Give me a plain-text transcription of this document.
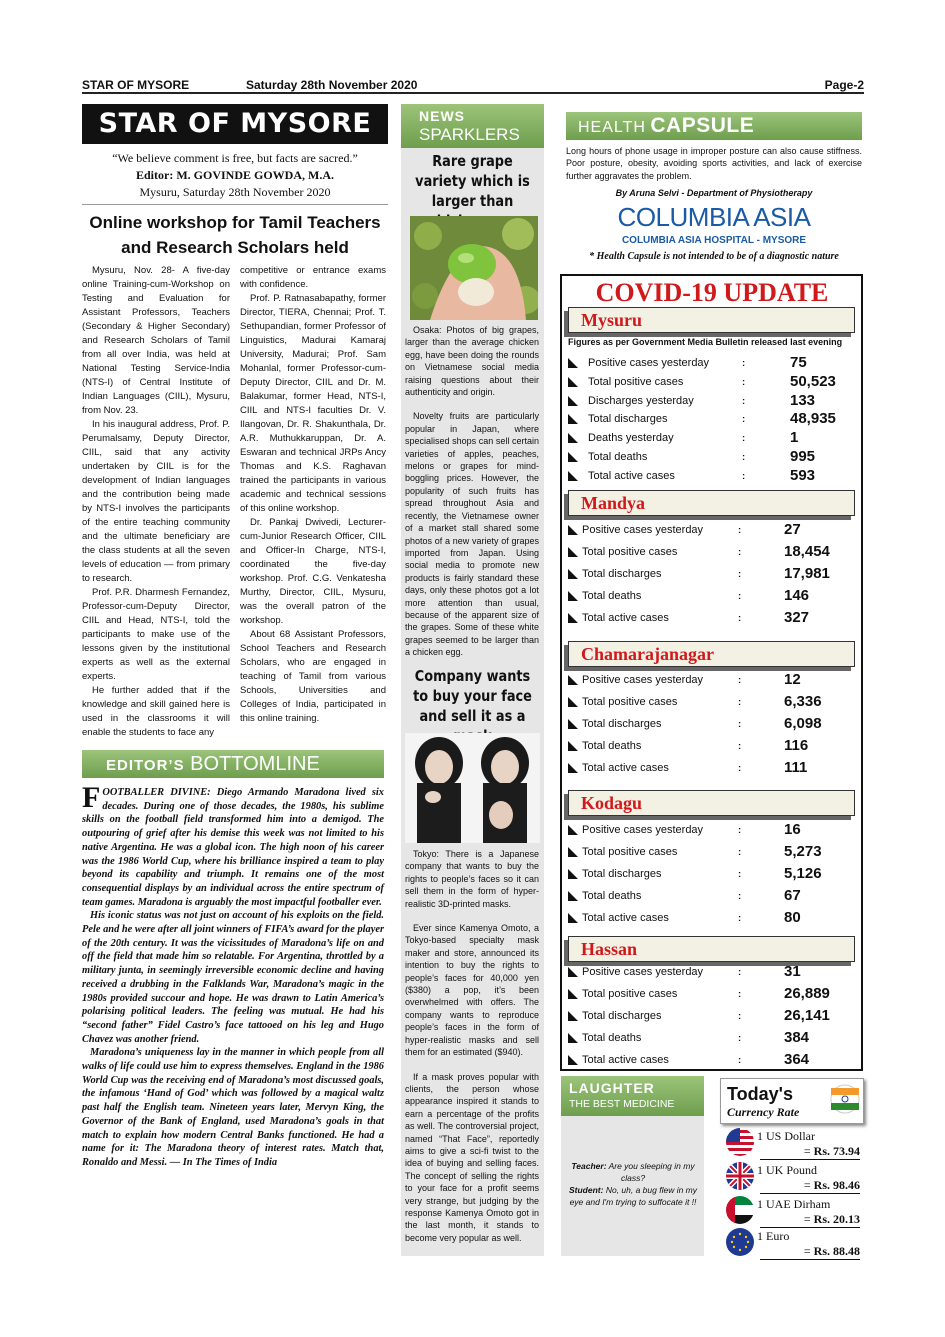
STAR OF MYSORE	Saturday 28th November 2020	Page-2
STAR OF MYSORE
“We believe comment is free, but facts are sacred.”
Editor: M. GOVINDE GOWDA, M.A.
Mysuru, Saturday 28th November 2020
Online workshop for Tamil Teachers and Research Scholars held

Mysuru, Nov. 28- A five-day online Training-cum-Workshop on Testing and Evaluation for Assistant Professors, Teachers (Secondary & Higher Secondary) and Research Scholars of Tamil from all over India, was held at National Testing Service-India (NTS-I) of Central Institute of Indian Languages (CIIL), Mysuru, from Nov. 23.

In his inaugural address, Prof. P. Perumalsamy, Deputy Director, CIIL, said that any activity undertaken by CIIL is for the development of Indian languages and the contribution being made by NTS-I involves the participants of the entire teaching community and the ultimate beneficiary are the class students at all the seven levels of education — from primary to research.

Prof. P.R. Dharmesh Fernandez, Professor-cum-Deputy Director, CIIL and Head, NTS-I, told the participants to make use of the lessons given by the institutional experts as well as the external experts.

He further added that if the knowledge and skill gained here is used in the classrooms it will enable the students to face any

competitive or entrance exams with confidence.

Prof. P. Ratnasabapathy, former Director, TIERA, Chennai; Prof. T. Sethupandian, former Professor of Linguistics, Madurai Kamaraj University, Madurai; Prof. Sam Mohanlal, former Professor-cum- Deputy Director, CIIL and Dr. M. Balakumar, former Head, NTS-I, CIIL and NTS-I faculties Dr. V. Ilangovan, Dr. R. Shakunthala, Dr. A.R. Muthukkaruppan, Dr. A. Eswaran and technical JRPs Ancy Thomas and K.S. Raghavan trained the participants in various academic and technical sessions of this online workshop.

Dr. Pankaj Dwivedi, Lecturer-cum-Junior Research Officer, CIIL and Officer-In Charge, NTS-I, coordinated the five-day workshop. Prof. C.G. Venkatesha Murthy, Director, CIIL, Mysuru, was the overall patron of the workshop.

About 68 Assistant Professors, School Teachers and Research Scholars, who are engaged in teaching of Tamil from various Schools, Universities and Colleges of India, participated in this online training.

EDITOR’S BOTTOMLINE

FOOTBALLER DIVINE: Diego Armando Maradona lived six decades. During one of those decades, the 1980s, his sublime skills on the football field transformed him into a demigod. The outpouring of grief after his demise this week was not limited to his native Argentina. He was a global icon. The high noon of his career was the 1986 World Cup, where his brilliance inspired a team to play beyond its capability and triumph. It remains one of the most consequential displays by an individual across the entire spectrum of team games. Maradona is arguably the most impactful footballer ever.

His iconic status was not just on account of his exploits on the field. Pele and he were after all joint winners of FIFA’s award for the player of the 20th century. It was the vicissitudes of Maradona’s life on and off the field that made him so relatable. For Argentina, throttled by a military junta, in seemingly irreversible economic decline and having received a drubbing in the Falklands War, Maradona’s magic in the 1980s provided succour and hope. He was drawn to Latin America’s polarising political leaders. The feeling was mutual. He had his “second father” Fidel Castro’s face tattooed on his leg and Hugo Chavez was another friend.

Maradona’s uniqueness lay in the manner in which people from all walks of life could use him to express themselves. England in the 1986 World Cup was the receiving end of Maradona’s most discussed goals, the infamous ‘Hand of God’ which was followed by a magical waltz past half the English team. Nineteen years later, Mervyn King, the Governor of the Bank of England, used Maradona’s goals in that match to explain how modern Central Banks functioned. He had a name for it: The Maradona theory of interest rates. Match that, Ronaldo and Messi. — In The Times of India

NEWS
SPARKLERS
Rare grape variety which is larger than

Osaka: Photos of big grapes, larger than the average chicken egg, have been doing the rounds on Vietnamese social media raising questions about their authenticity and origin.

Novelty fruits are particularly popular in Japan, where specialised shops can sell certain varieties of apples, peaches, melons or grapes for mind-boggling prices. However, the popularity of such fruits has spread throughout Asia and recently, the Vietnamese owner of a market stall shared some photos of a new variety of grapes imported from Japan. Using social media to promote new products is fairly standard these days, only these photos got a lot more attention than usual, because of the apparent size of the grapes. Some of these white grapes seemed to be larger than a chicken egg.

Company wants to buy your face and sell it as a

Tokyo: There is a Japanese company that wants to buy the rights to people’s faces so it can sell them in the form of hyper-realistic 3D-printed masks.

Ever since Kamenya Omoto, a Tokyo-based specialty mask maker and store, announced its intention to buy the rights to people’s faces for 40,000 yen ($380) a pop, it’s been overwhelmed with offers. The company wants to reproduce people’s faces in the form of hyper-realistic masks and sell them for an estimated ($940).

If a mask proves popular with clients, the person whose appearance inspired it stands to earn a percentage of the profits as well. The controversial project, named “That Face”, reportedly aims to give a sci-fi twist to the idea of buying and selling faces. The concept of selling the rights to your face for a profit seems very strange, but judging by the response Kamenya Omoto got in the last month, it stands to become very popular as well.

HEALTH CAPSULE
Long hours of phone usage in improper posture can also cause stiffness. Poor posture, obesity, avoiding sports activities, and lack of exercise further aggravates the problem.
By Aruna Selvi - Department of Physiotherapy
COLUMBIA ASIA
COLUMBIA ASIA HOSPITAL - MYSORE
* Health Capsule is not intended to be of a diagnostic nature
COVID-19 UPDATE
Mysuru
Figures as per Government Media Bulletin released last evening
Positive cases yesterday	:	75
Total positive cases	:	50,523
Discharges yesterday	:	133
Total discharges	:	48,935
Deaths yesterday	:	1
Total deaths	:	995
Total active cases	:	593
Mandya
Positive cases yesterday	:	27
Total positive cases	:	18,454
Total discharges	:	17,981
Total deaths	:	146
Total active cases	:	327
Chamarajanagar
Positive cases yesterday	:	12
Total positive cases	:	6,336
Total discharges	:	6,098
Total deaths	:	116
Total active cases	:	111
Kodagu
Positive cases yesterday	:	16
Total positive cases	:	5,273
Total discharges	:	5,126
Total deaths	:	67
Total active cases	:	80
Hassan
Positive cases yesterday	:	31
Total positive cases	:	26,889
Total discharges	:	26,141
Total deaths	:	384
Total active cases	:	364
LAUGHTER
THE BEST MEDICINE
Teacher: Are you sleeping in my class?
Student: No, uh, a bug flew in my eye and I'm trying to suffocate it !!
Today's
Currency Rate
1 US Dollar
= Rs. 73.94
1 UK Pound
= Rs. 98.46
1 UAE Dirham
= Rs. 20.13
1 Euro
= Rs. 88.48
